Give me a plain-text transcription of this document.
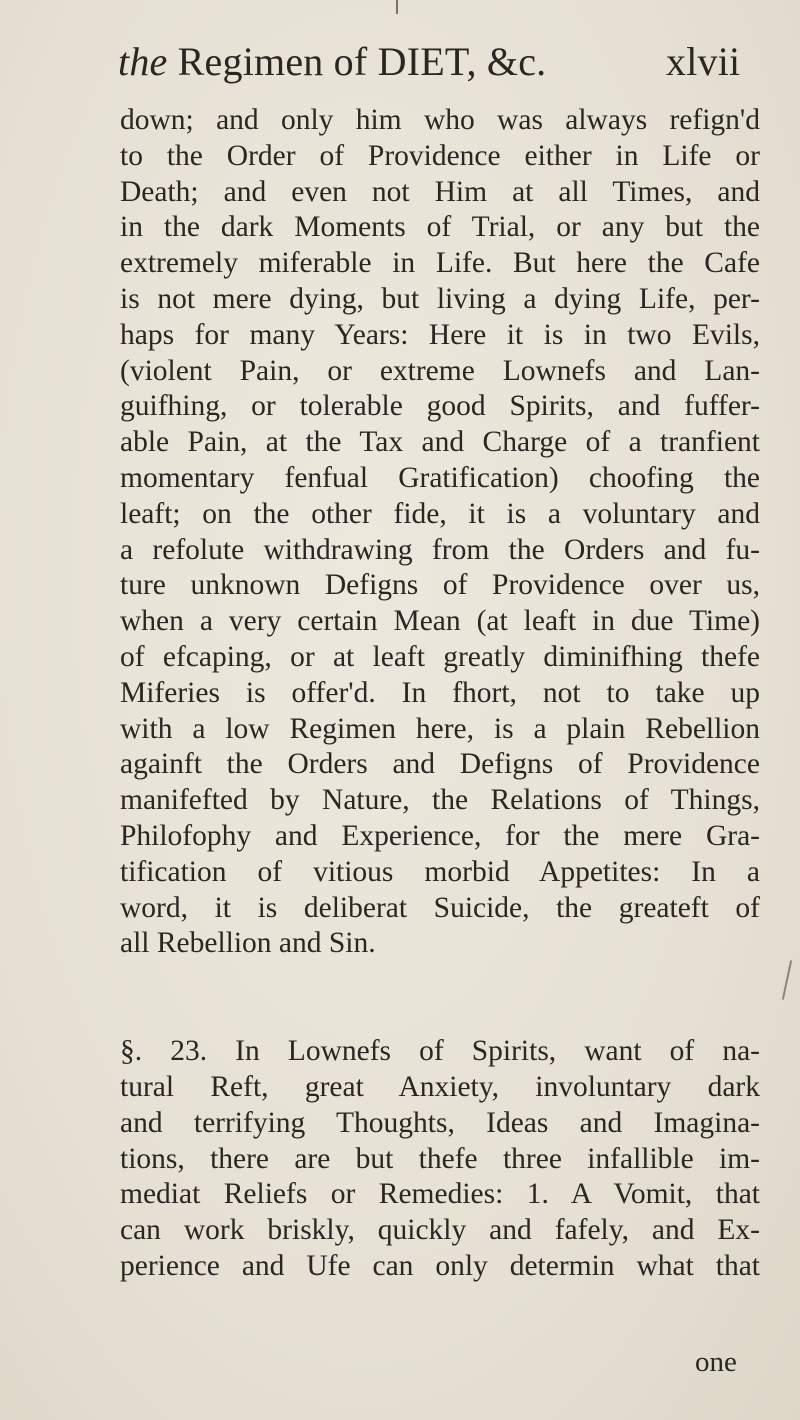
the Regimen of DIET, &c.	xlvii
down; and only him who was always refign'd
to the Order of Providence either in Life or
Death; and even not Him at all Times, and
in the dark Moments of Trial, or any but the
extremely miferable in Life. But here the Cafe
is not mere dying, but living a dying Life, per-
haps for many Years: Here it is in two Evils,
(violent Pain, or extreme Lownefs and Lan-
guifhing, or tolerable good Spirits, and fuffer-
able Pain, at the Tax and Charge of a tranfient
momentary fenfual Gratification) choofing the
leaft; on the other fide, it is a voluntary and
a refolute withdrawing from the Orders and fu-
ture unknown Defigns of Providence over us,
when a very certain Mean (at leaft in due Time)
of efcaping, or at leaft greatly diminifhing thefe
Miferies is offer'd. In fhort, not to take up
with a low Regimen here, is a plain Rebellion
againft the Orders and Defigns of Providence
manifefted by Nature, the Relations of Things,
Philofophy and Experience, for the mere Gra-
tification of vitious morbid Appetites: In a
word, it is deliberat Suicide, the greateft of
all Rebellion and Sin.
§. 23. In Lownefs of Spirits, want of na-
tural Reft, great Anxiety, involuntary dark
and terrifying Thoughts, Ideas and Imagina-
tions, there are but thefe three infallible im-
mediat Reliefs or Remedies: 1. A Vomit, that
can work briskly, quickly and fafely, and Ex-
perience and Ufe can only determin what that
one
